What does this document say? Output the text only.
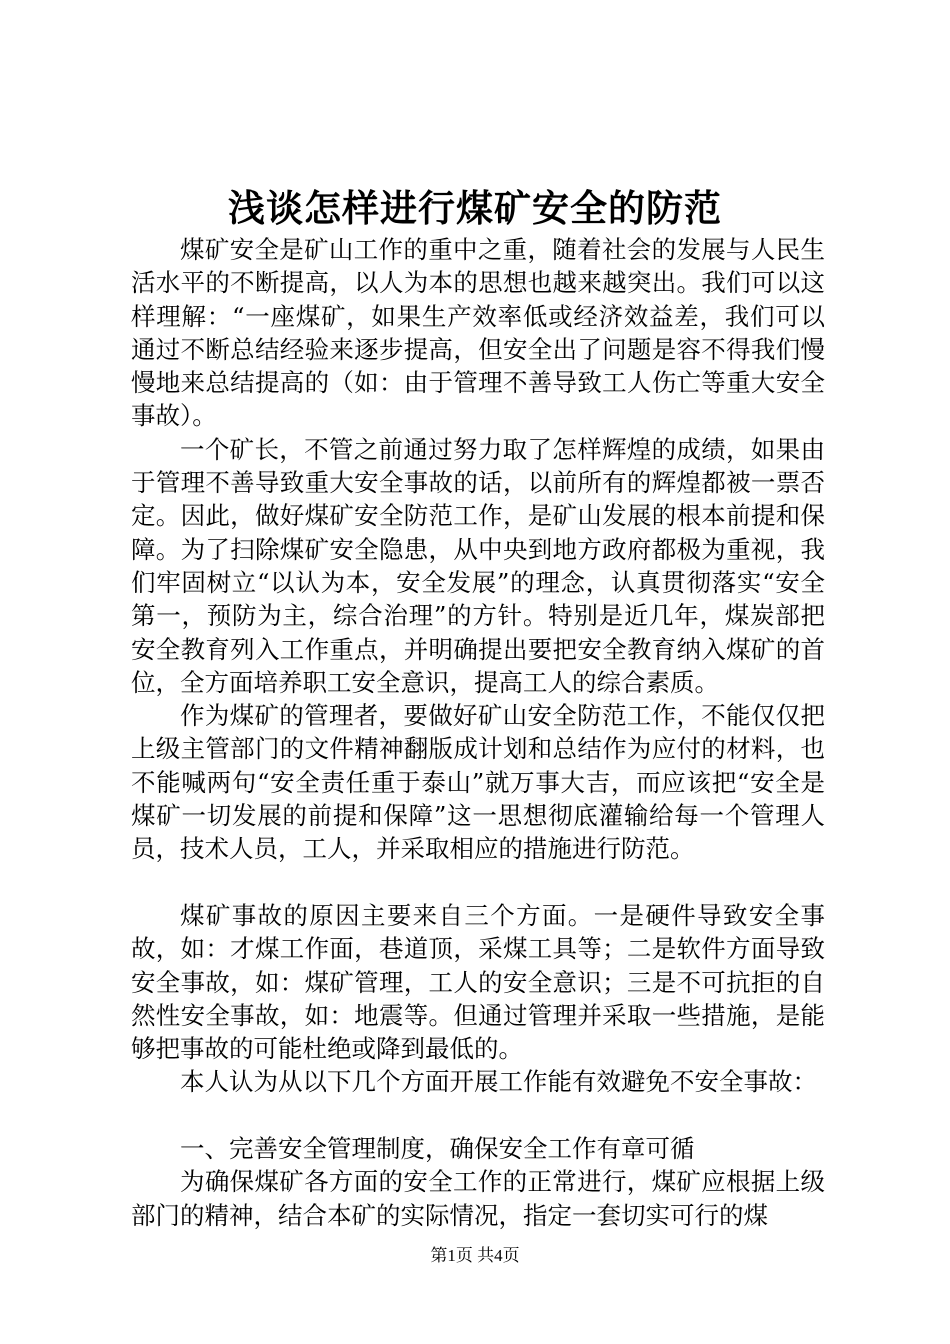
浅谈怎样进行煤矿安全的防范

煤矿安全是矿山工作的重中之重，随着社会的发展与人民生活水平的不断提高，以人为本的思想也越来越突出。我们可以这样理解：“一座煤矿，如果生产效率低或经济效益差，我们可以通过不断总结经验来逐步提高，但安全出了问题是容不得我们慢慢地来总结提高的（如：由于管理不善导致工人伤亡等重大安全事故）。

一个矿长，不管之前通过努力取了怎样辉煌的成绩，如果由于管理不善导致重大安全事故的话，以前所有的辉煌都被一票否定。因此，做好煤矿安全防范工作，是矿山发展的根本前提和保障。为了扫除煤矿安全隐患，从中央到地方政府都极为重视，我们牢固树立“以认为本，安全发展”的理念，认真贯彻落实“安全第一，预防为主，综合治理”的方针。特别是近几年，煤炭部把安全教育列入工作重点，并明确提出要把安全教育纳入煤矿的首位，全方面培养职工安全意识，提高工人的综合素质。

作为煤矿的管理者，要做好矿山安全防范工作，不能仅仅把上级主管部门的文件精神翻版成计划和总结作为应付的材料，也不能喊两句“安全责任重于泰山”就万事大吉，而应该把“安全是煤矿一切发展的前提和保障”这一思想彻底灌输给每一个管理人员，技术人员，工人，并采取相应的措施进行防范。

煤矿事故的原因主要来自三个方面。一是硬件导致安全事故，如：才煤工作面，巷道顶，采煤工具等；二是软件方面导致安全事故，如：煤矿管理，工人的安全意识；三是不可抗拒的自然性安全事故，如：地震等。但通过管理并采取一些措施，是能够把事故的可能杜绝或降到最低的。

本人认为从以下几个方面开展工作能有效避免不安全事故：

一、完善安全管理制度，确保安全工作有章可循

为确保煤矿各方面的安全工作的正常进行，煤矿应根据上级部门的精神，结合本矿的实际情况，指定一套切实可行的煤

第1页 共4页
